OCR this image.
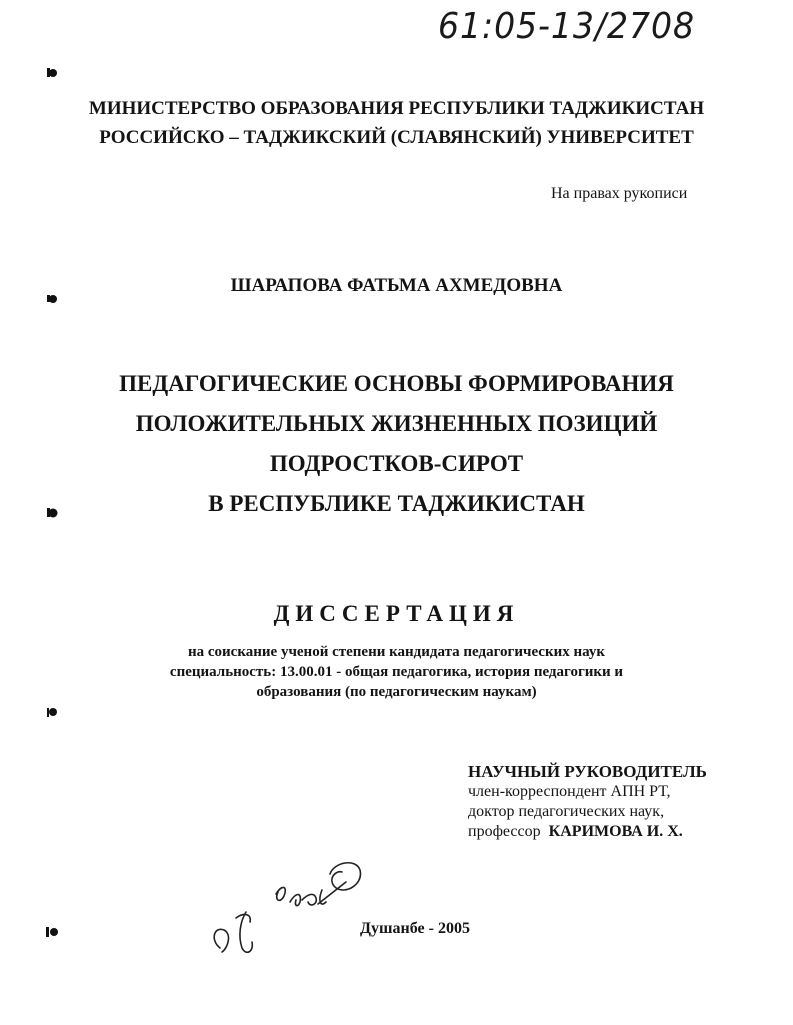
61:05-13/2708
МИНИСТЕРСТВО ОБРАЗОВАНИЯ РЕСПУБЛИКИ ТАДЖИКИСТАН
РОССИЙСКО – ТАДЖИКСКИЙ (СЛАВЯНСКИЙ) УНИВЕРСИТЕТ
На правах рукописи
ШАРАПОВА ФАТЬМА АХМЕДОВНА
ПЕДАГОГИЧЕСКИЕ ОСНОВЫ ФОРМИРОВАНИЯ
ПОЛОЖИТЕЛЬНЫХ ЖИЗНЕННЫХ ПОЗИЦИЙ
ПОДРОСТКОВ-СИРОТ
В РЕСПУБЛИКЕ ТАДЖИКИСТАН
ДИССЕРТАЦИЯ
на соискание ученой степени кандидата педагогических наук
специальность: 13.00.01 - общая педагогика, история педагогики и
образования (по педагогическим наукам)
НАУЧНЫЙ РУКОВОДИТЕЛЬ
член-корреспондент АПН РТ,
доктор педагогических наук,
профессор КАРИМОВА И. Х.
Душанбе - 2005
